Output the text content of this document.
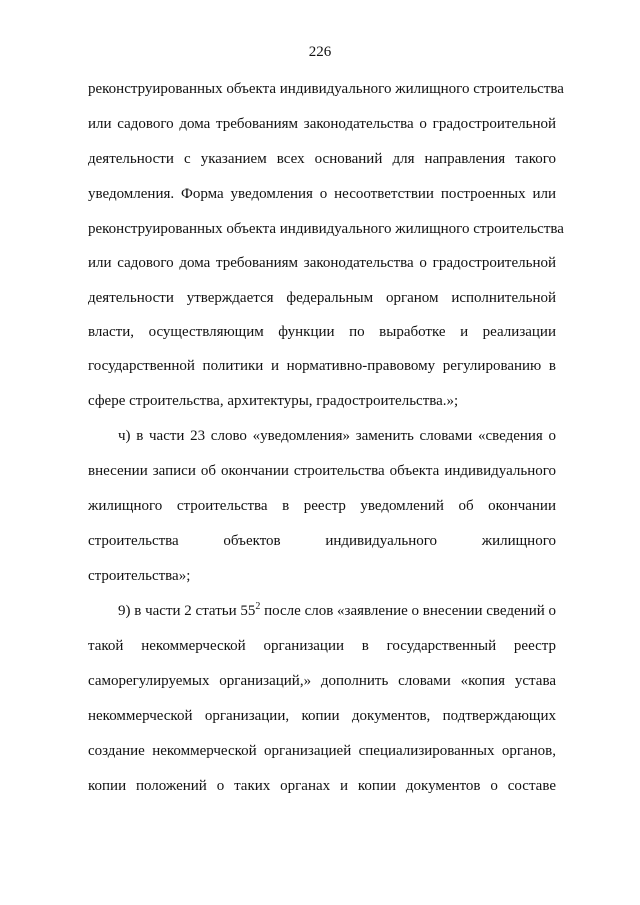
226
реконструированных объекта индивидуального жилищного строительства
или садового дома требованиям законодательства о градостроительной
деятельности с указанием всех оснований для направления такого
уведомления. Форма уведомления о несоответствии построенных или
реконструированных объекта индивидуального жилищного строительства
или садового дома требованиям законодательства о градостроительной
деятельности утверждается федеральным органом исполнительной
власти, осуществляющим функции по выработке и реализации
государственной политики и нормативно-правовому регулированию в
сфере строительства, архитектуры, градостроительства.»;
ч) в части 23 слово «уведомления» заменить словами «сведения о
внесении записи об окончании строительства объекта индивидуального
жилищного строительства в реестр уведомлений об окончании
строительства объектов индивидуального жилищного
строительства»;
9) в части 2 статьи $55^2$ после слов «заявление о внесении сведений о
такой некоммерческой организации в государственный реестр
саморегулируемых организаций,» дополнить словами «копия устава
некоммерческой организации, копии документов, подтверждающих
создание некоммерческой организацией специализированных органов,
копии положений о таких органах и копии документов о составе
